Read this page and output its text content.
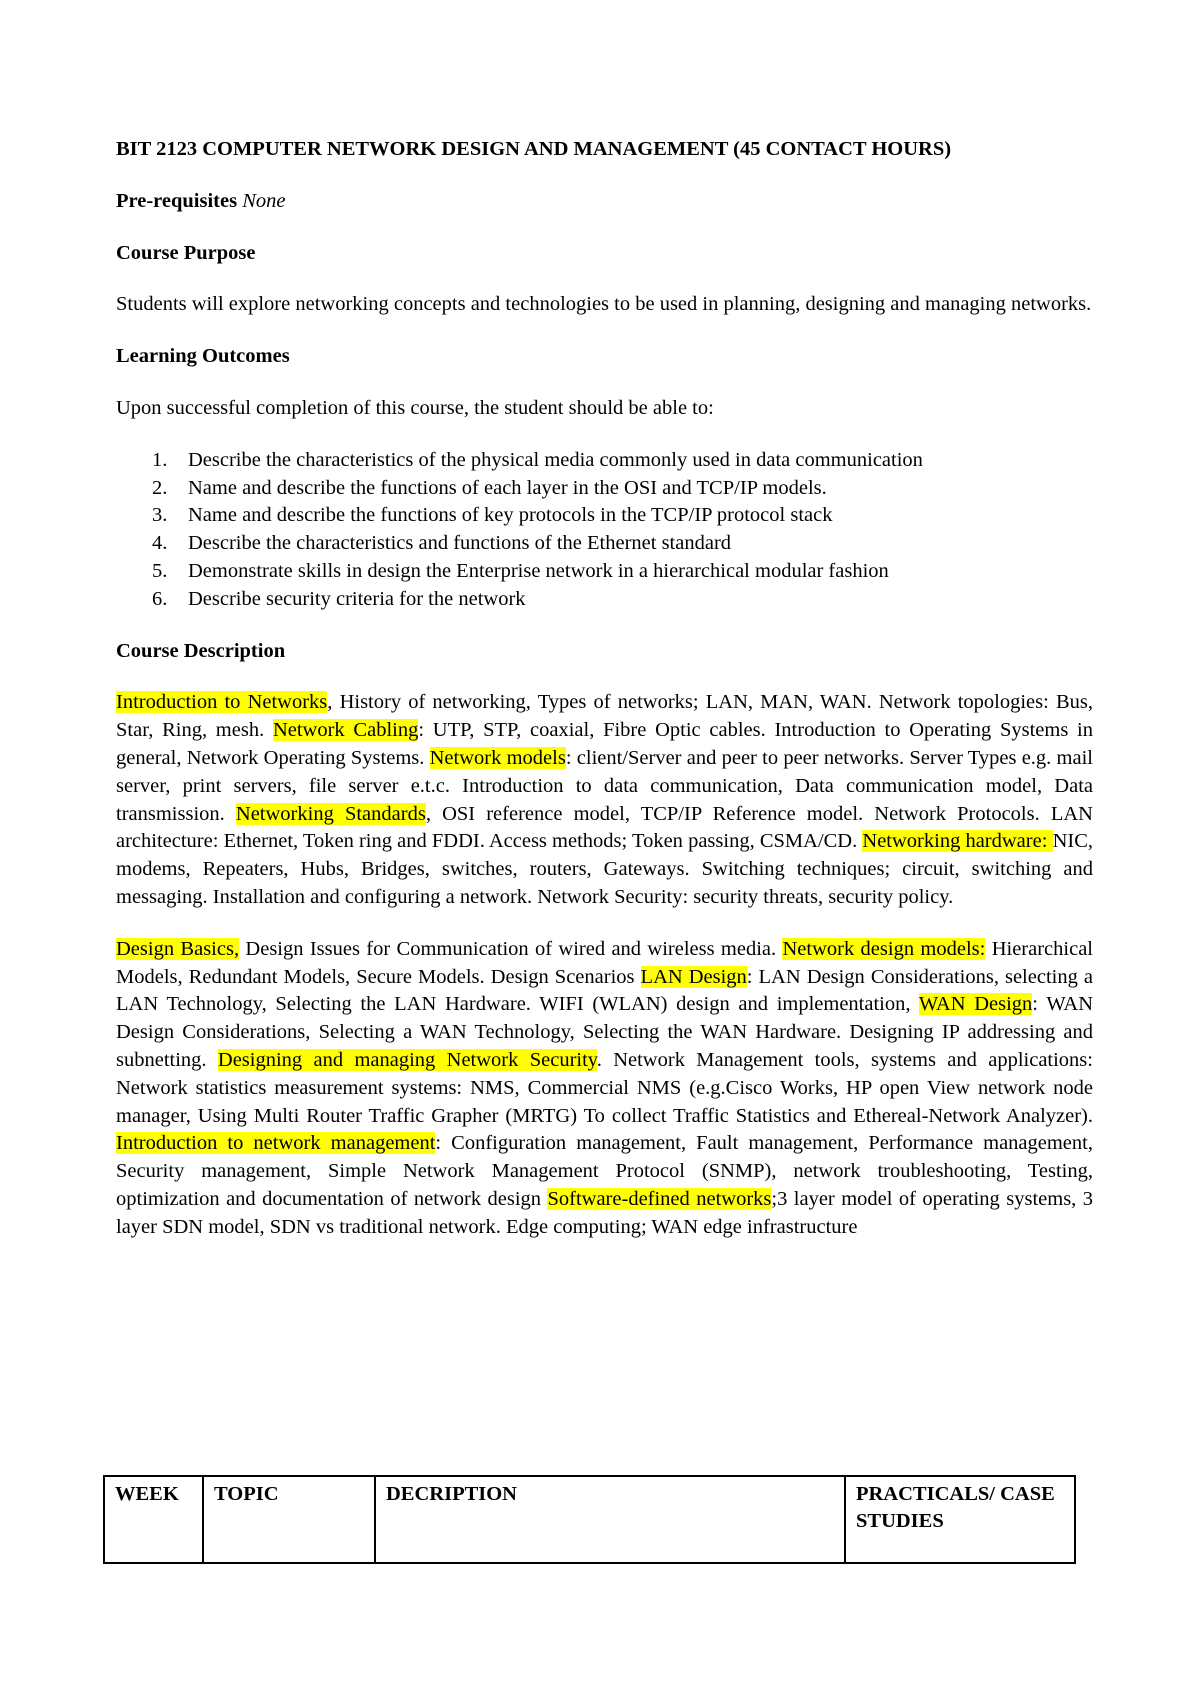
BIT 2123 COMPUTER NETWORK DESIGN AND MANAGEMENT (45 CONTACT HOURS)
Pre-requisites None
Course Purpose
Students will explore networking concepts and technologies to be used in planning, designing and managing networks.
Learning Outcomes
Upon successful completion of this course, the student should be able to:
1.	Describe the characteristics of the physical media commonly used in data communication
2.	Name and describe the functions of each layer in the OSI and TCP/IP models.
3.	Name and describe the functions of key protocols in the TCP/IP protocol stack
4.	Describe the characteristics and functions of the Ethernet standard
5.	Demonstrate skills in design the Enterprise network in a hierarchical modular fashion
6.	Describe security criteria for the network
Course Description
Introduction to Networks, History of networking, Types of networks; LAN, MAN, WAN. Network topologies: Bus, Star, Ring, mesh. Network Cabling: UTP, STP, coaxial, Fibre Optic cables. Introduction to Operating Systems in general, Network Operating Systems. Network models: client/Server and peer to peer networks. Server Types e.g. mail server, print servers, file server e.t.c. Introduction to data communication, Data communication model, Data transmission. Networking Standards, OSI reference model, TCP/IP Reference model. Network Protocols. LAN architecture: Ethernet, Token ring and FDDI. Access methods; Token passing, CSMA/CD. Networking hardware: NIC, modems, Repeaters, Hubs, Bridges, switches, routers, Gateways. Switching techniques; circuit, switching and messaging. Installation and configuring a network. Network Security: security threats, security policy.
Design Basics, Design Issues for Communication of wired and wireless media. Network design models: Hierarchical Models, Redundant Models, Secure Models. Design Scenarios LAN Design: LAN Design Considerations, selecting a LAN Technology, Selecting the LAN Hardware. WIFI (WLAN) design and implementation, WAN Design: WAN Design Considerations, Selecting a WAN Technology, Selecting the WAN Hardware. Designing IP addressing and subnetting. Designing and managing Network Security. Network Management tools, systems and applications: Network statistics measurement systems: NMS, Commercial NMS (e.g.Cisco Works, HP open View network node manager, Using Multi Router Traffic Grapher (MRTG) To collect Traffic Statistics and Ethereal-Network Analyzer). Introduction to network management: Configuration management, Fault management, Performance management, Security management, Simple Network Management Protocol (SNMP), network troubleshooting, Testing, optimization and documentation of network design Software-defined networks;3 layer model of operating systems, 3 layer SDN model, SDN vs traditional network. Edge computing; WAN edge infrastructure
WEEK	TOPIC	DECRIPTION	PRACTICALS/ CASE STUDIES
